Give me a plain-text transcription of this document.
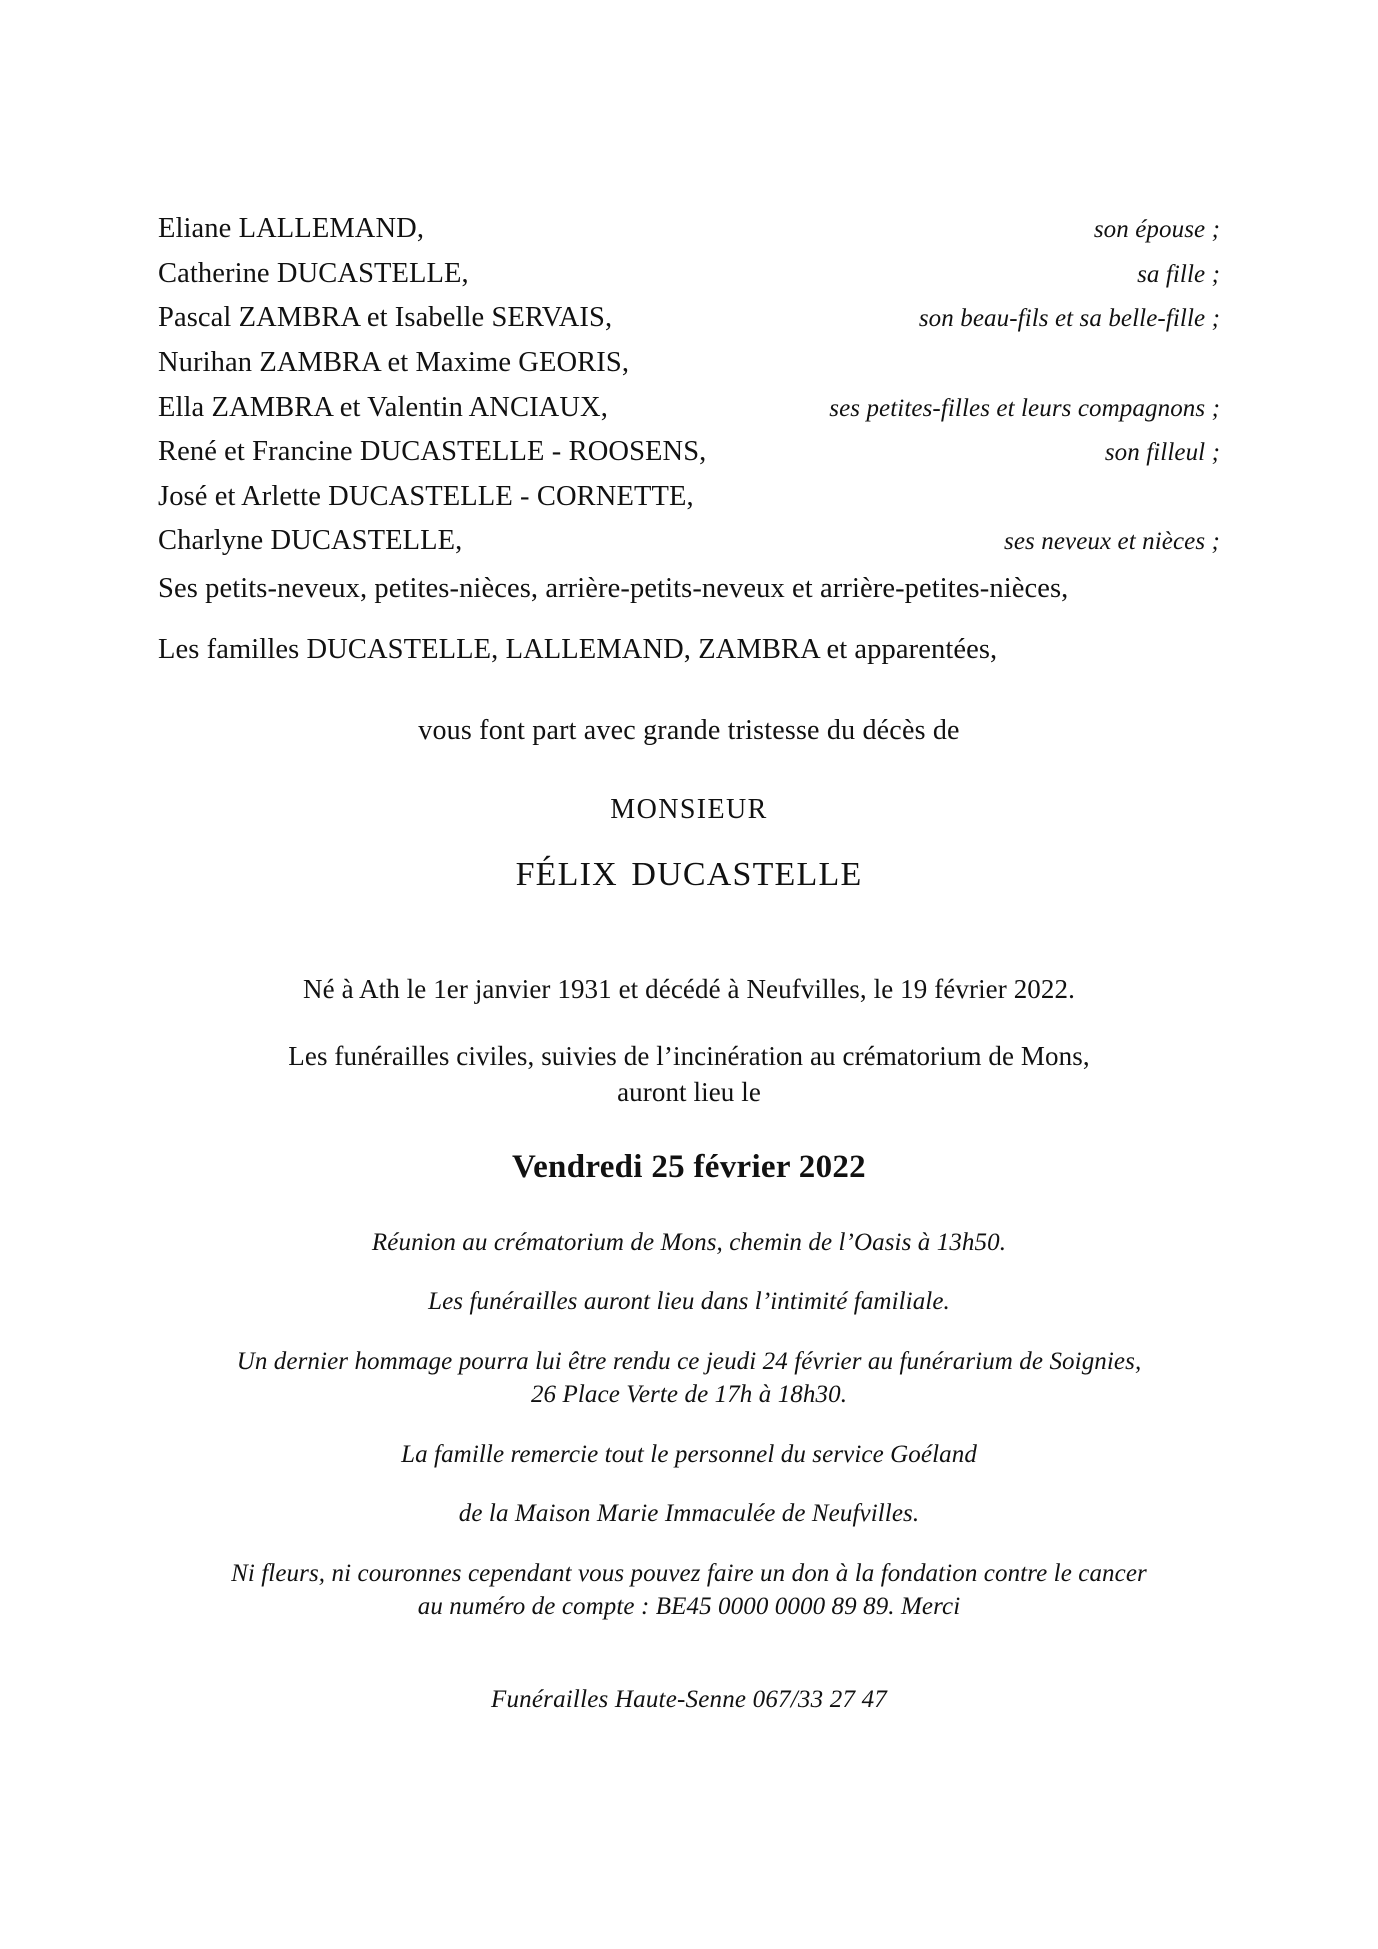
Eliane LALLEMAND,	son épouse ;
Catherine DUCASTELLE,	sa fille ;
Pascal ZAMBRA et Isabelle SERVAIS,	son beau-fils et sa belle-fille ;
Nurihan ZAMBRA et Maxime GEORIS,
Ella ZAMBRA et Valentin ANCIAUX,	ses petites-filles et leurs compagnons ;
René et Francine DUCASTELLE - ROOSENS,	son filleul ;
José et Arlette DUCASTELLE - CORNETTE,
Charlyne DUCASTELLE,	ses neveux et nièces ;
Ses petits-neveux, petites-nièces, arrière-petits-neveux et arrière-petites-nièces,
Les familles DUCASTELLE, LALLEMAND, ZAMBRA et apparentées,
vous font part avec grande tristesse du décès de
monsieur
félix ducastelle
Né à Ath le 1er janvier 1931 et décédé à Neufvilles, le 19 février 2022.
Les funérailles civiles, suivies de l’incinération au crématorium de Mons,
auront lieu le
Vendredi 25 février 2022
Réunion au crématorium de Mons, chemin de l’Oasis à 13h50.
Les funérailles auront lieu dans l’intimité familiale.
Un dernier hommage pourra lui être rendu ce jeudi 24 février au funérarium de Soignies,
26 Place Verte de 17h à 18h30.
La famille remercie tout le personnel du service Goéland
de la Maison Marie Immaculée de Neufvilles.
Ni fleurs, ni couronnes cependant vous pouvez faire un don à la fondation contre le cancer
au numéro de compte : BE45 0000 0000 89 89. Merci
Funérailles Haute-Senne 067/33 27 47
